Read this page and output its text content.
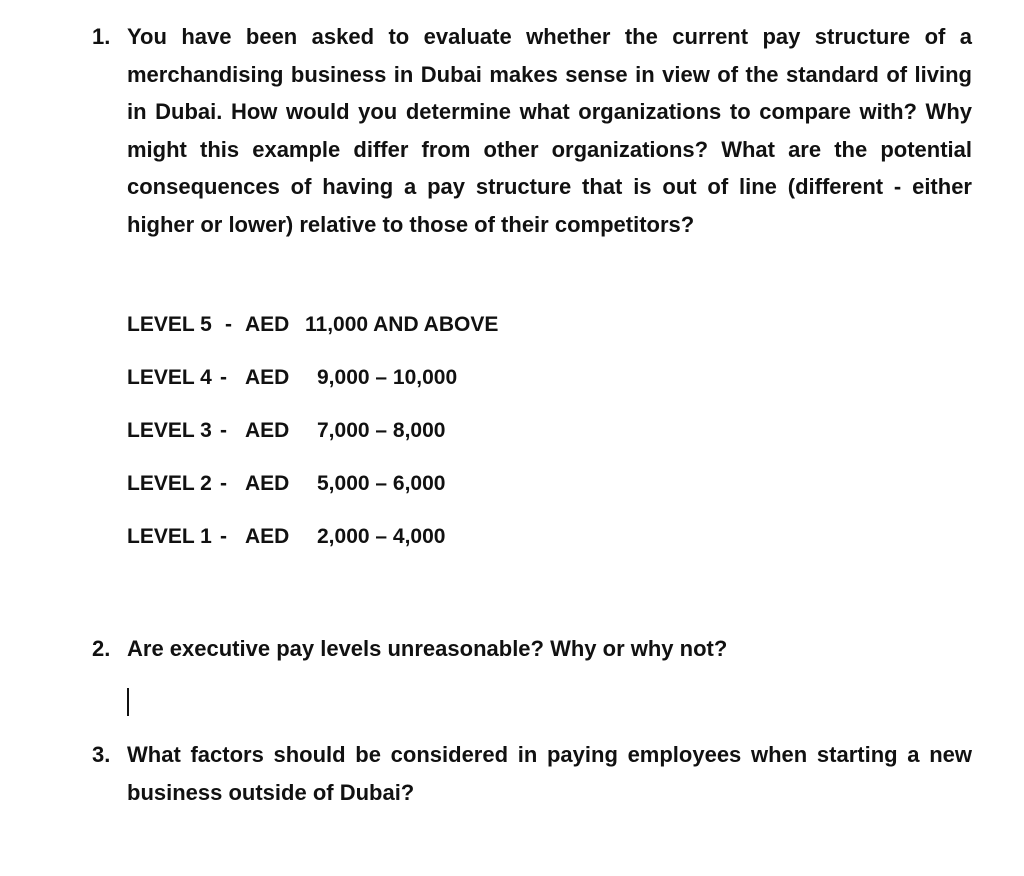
1. You have been asked to evaluate whether the current pay structure of a merchandising business in Dubai makes sense in view of the standard of living in Dubai. How would you determine what organizations to compare with? Why might this example differ from other organizations? What are the potential consequences of having a pay structure that is out of line (different - either higher or lower) relative to those of their competitors?
LEVEL 5 - AED 11,000 AND ABOVE
LEVEL 4 - AED 9,000 – 10,000
LEVEL 3 - AED 7,000 – 8,000
LEVEL 2 - AED 5,000 – 6,000
LEVEL 1 - AED 2,000 – 4,000
2. Are executive pay levels unreasonable? Why or why not?
3. What factors should be considered in paying employees when starting a new business outside of Dubai?
